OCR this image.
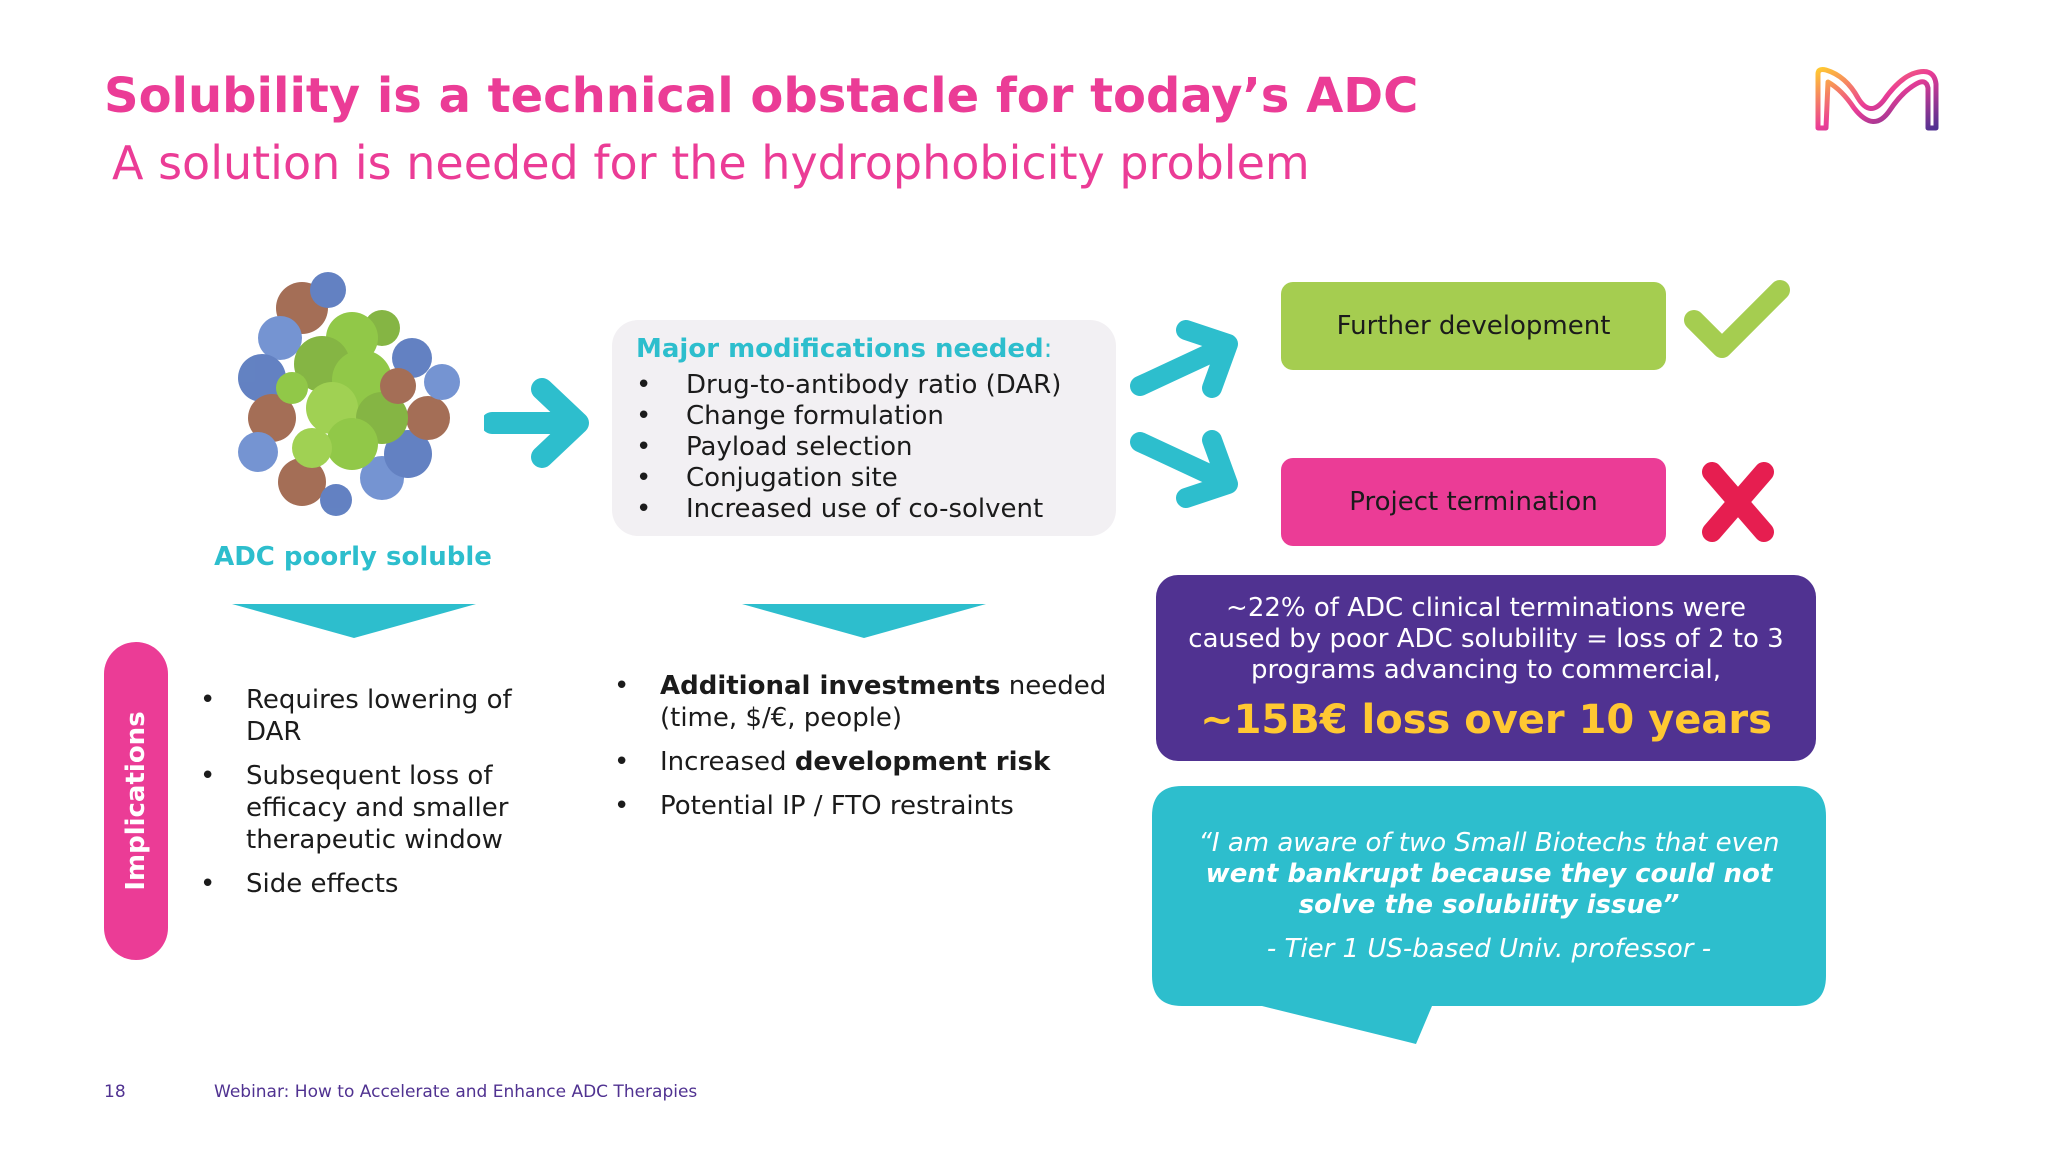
Solubility is a technical obstacle for today’s ADC
A solution is needed for the hydrophobicity problem
ADC poorly soluble
Major modifications needed:
• Drug-to-antibody ratio (DAR)
• Change formulation
• Payload selection
• Conjugation site
• Increased use of co-solvent
Further development
Project termination
~22% of ADC clinical terminations were caused by poor ADC solubility = loss of 2 to 3 programs advancing to commercial,
~15B€ loss over 10 years
Implications
• Requires lowering of DAR
• Subsequent loss of efficacy and smaller therapeutic window
• Side effects
• Additional investments needed (time, $/€, people)
• Increased development risk
• Potential IP / FTO restraints
“I am aware of two Small Biotechs that even went bankrupt because they could not solve the solubility issue”
- Tier 1 US-based Univ. professor -
18	Webinar: How to Accelerate and Enhance ADC Therapies
